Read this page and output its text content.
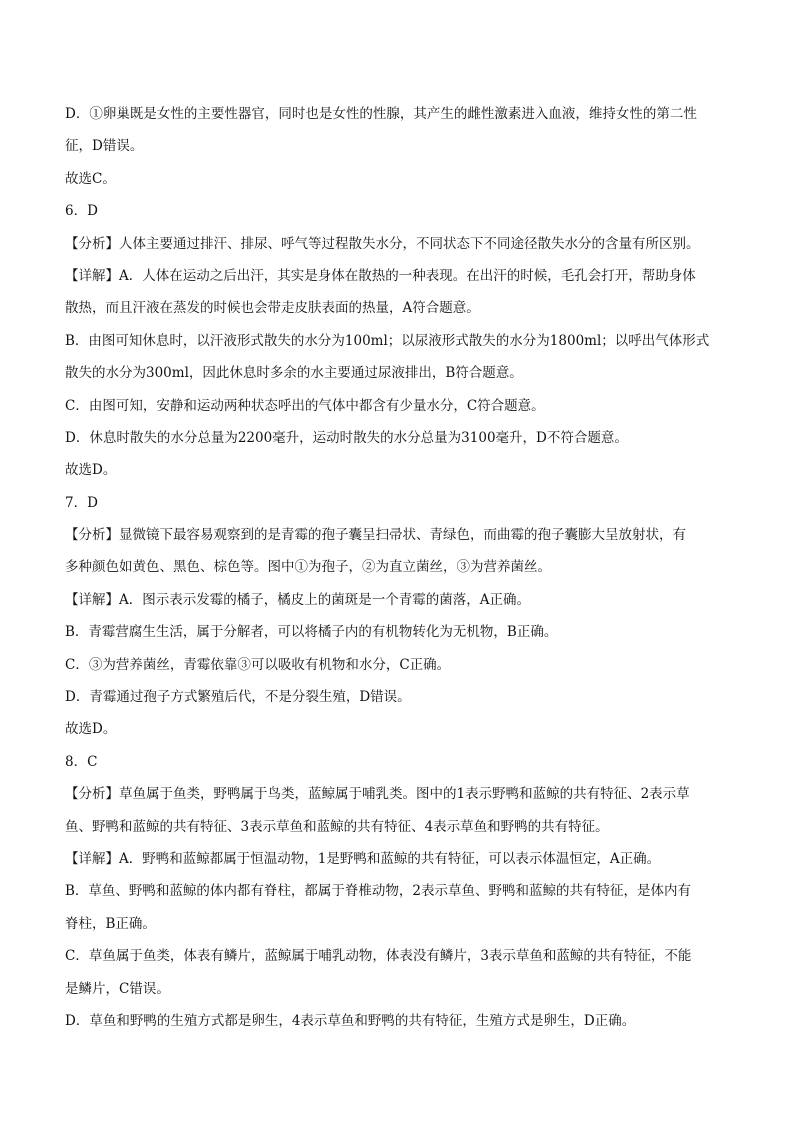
D．①卵巢既是女性的主要性器官，同时也是女性的性腺，其产生的雌性激素进入血液，维持女性的第二性
征，D错误。
故选C。
6．D
【分析】人体主要通过排汗、排尿、呼气等过程散失水分，不同状态下不同途径散失水分的含量有所区别。
【详解】A．人体在运动之后出汗，其实是身体在散热的一种表现。在出汗的时候，毛孔会打开，帮助身体
散热，而且汗液在蒸发的时候也会带走皮肤表面的热量，A符合题意。
B．由图可知休息时，以汗液形式散失的水分为100ml；以尿液形式散失的水分为1800ml；以呼出气体形式
散失的水分为300ml，因此休息时多余的水主要通过尿液排出，B符合题意。
C．由图可知，安静和运动两种状态呼出的气体中都含有少量水分，C符合题意。
D．休息时散失的水分总量为2200毫升，运动时散失的水分总量为3100毫升，D不符合题意。
故选D。
7．D
【分析】显微镜下最容易观察到的是青霉的孢子囊呈扫帚状、青绿色，而曲霉的孢子囊膨大呈放射状，有
多种颜色如黄色、黑色、棕色等。图中①为孢子，②为直立菌丝，③为营养菌丝。
【详解】A．图示表示发霉的橘子，橘皮上的菌斑是一个青霉的菌落，A正确。
B．青霉营腐生生活，属于分解者，可以将橘子内的有机物转化为无机物，B正确。
C．③为营养菌丝，青霉依靠③可以吸收有机物和水分，C正确。
D．青霉通过孢子方式繁殖后代，不是分裂生殖，D错误。
故选D。
8．C
【分析】草鱼属于鱼类，野鸭属于鸟类，蓝鲸属于哺乳类。图中的1表示野鸭和蓝鲸的共有特征、2表示草
鱼、野鸭和蓝鲸的共有特征、3表示草鱼和蓝鲸的共有特征、4表示草鱼和野鸭的共有特征。
【详解】A．野鸭和蓝鲸都属于恒温动物，1是野鸭和蓝鲸的共有特征，可以表示体温恒定，A正确。
B．草鱼、野鸭和蓝鲸的体内都有脊柱，都属于脊椎动物，2表示草鱼、野鸭和蓝鲸的共有特征，是体内有
脊柱，B正确。
C．草鱼属于鱼类，体表有鳞片，蓝鲸属于哺乳动物，体表没有鳞片，3表示草鱼和蓝鲸的共有特征，不能
是鳞片，C错误。
D．草鱼和野鸭的生殖方式都是卵生，4表示草鱼和野鸭的共有特征，生殖方式是卵生，D正确。
